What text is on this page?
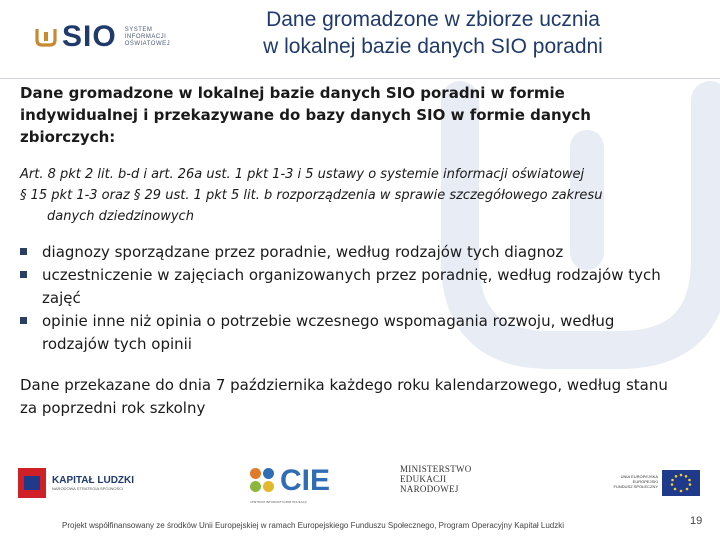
SIO SYSTEM
INFORMACJI
OŚWIATOWEJ
Dane gromadzone w zbiorze ucznia
w lokalnej bazie danych SIO poradni

Dane gromadzone w lokalnej bazie danych SIO poradni w formie indywidualnej i przekazywane do bazy danych SIO w formie danych zbiorczych:

Art. 8 pkt 2 lit. b-d i art. 26a ust. 1 pkt 1-3 i 5 ustawy o systemie informacji oświatowej
§ 15 pkt 1-3 oraz § 29 ust. 1 pkt 5 lit. b rozporządzenia w sprawie szczegółowego zakresu
danych dziedzinowych

diagnozy sporządzane przez poradnie, według rodzajów tych diagnoz
uczestniczenie w zajęciach organizowanych przez poradnię, według rodzajów tych zajęć
opinie inne niż opinia o potrzebie wczesnego wspomagania rozwoju, według rodzajów tych opinii

Dane przekazane do dnia 7 października każdego roku kalendarzowego, według stanu za poprzedni rok szkolny

KAPITAŁ LUDZKI
NARODOWA STRATEGIA SPÓJNOŚCI	CIE
CENTRUM INFORMATYCZNE EDUKACJI
MINISTERSTWO
EDUKACJI
NARODOWEJ
UNIA EUROPEJSKA
EUROPEJSKI
FUNDUSZ SPOŁECZNY
Projekt współfinansowany ze środków Unii Europejskiej w ramach Europejskiego Funduszu Społecznego, Program Operacyjny Kapitał Ludzki	19
